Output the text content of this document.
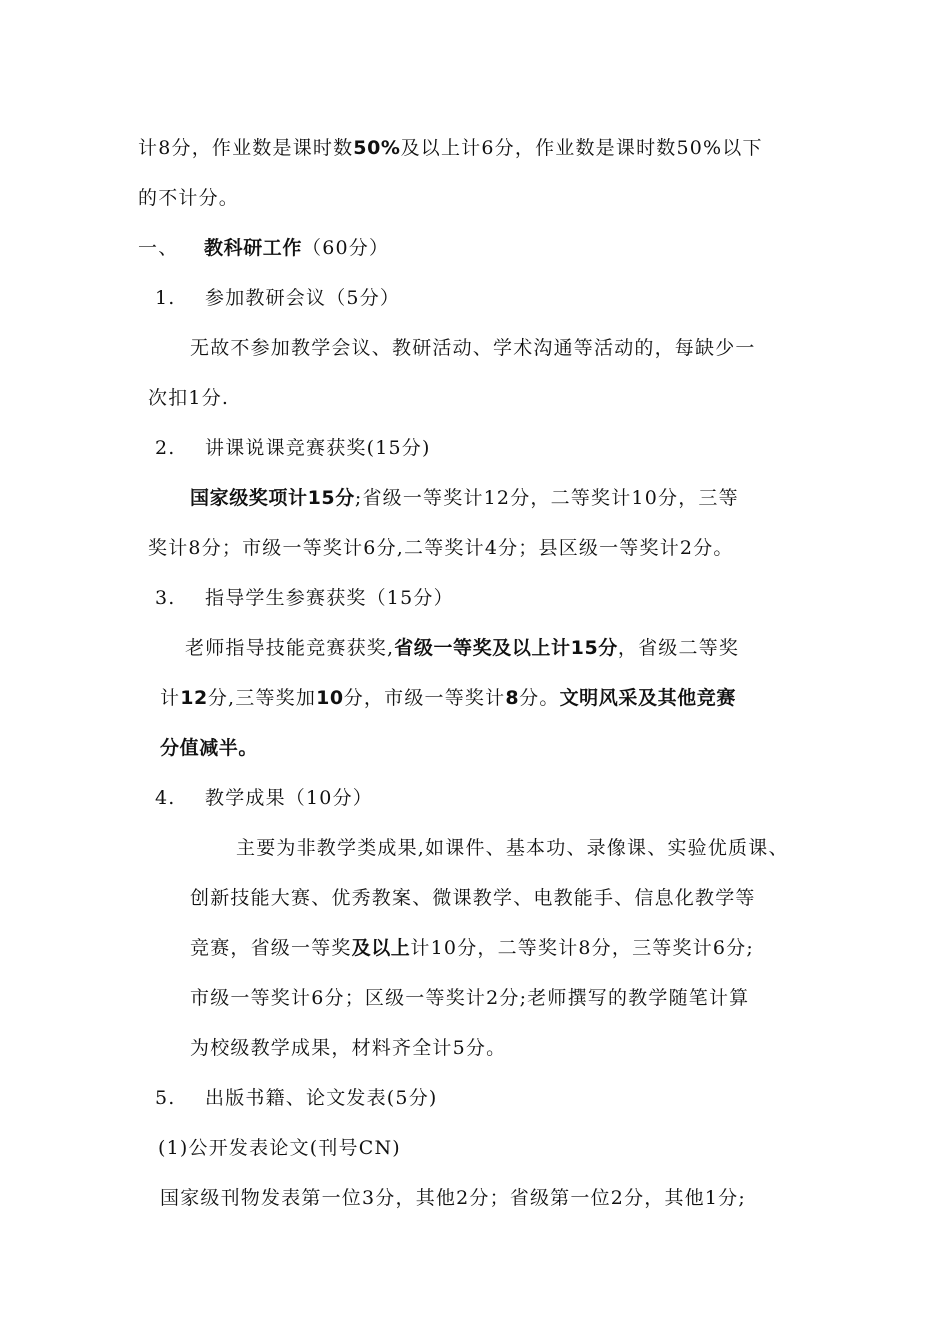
计8分，作业数是课时数50%及以上计6分，作业数是课时数50%以下
的不计分。
一、 教科研工作（60分）
1. 参加教研会议（5分）
无故不参加教学会议、教研活动、学术沟通等活动的，每缺少一
次扣1分.
2. 讲课说课竞赛获奖(15分)
国家级奖项计15分;省级一等奖计12分，二等奖计10分，三等
奖计8分；市级一等奖计6分,二等奖计4分；县区级一等奖计2分。
3. 指导学生参赛获奖（15分）
老师指导技能竞赛获奖,省级一等奖及以上计15分，省级二等奖
计12分,三等奖加10分，市级一等奖计8分。文明风采及其他竞赛
分值减半。
4. 教学成果（10分）
主要为非教学类成果,如课件、基本功、录像课、实验优质课、
创新技能大赛、优秀教案、微课教学、电教能手、信息化教学等
竞赛，省级一等奖及以上计10分，二等奖计8分，三等奖计6分;
市级一等奖计6分；区级一等奖计2分;老师撰写的教学随笔计算
为校级教学成果，材料齐全计5分。
5. 出版书籍、论文发表(5分)
(1)公开发表论文(刊号CN)
国家级刊物发表第一位3分，其他2分；省级第一位2分，其他1分;
